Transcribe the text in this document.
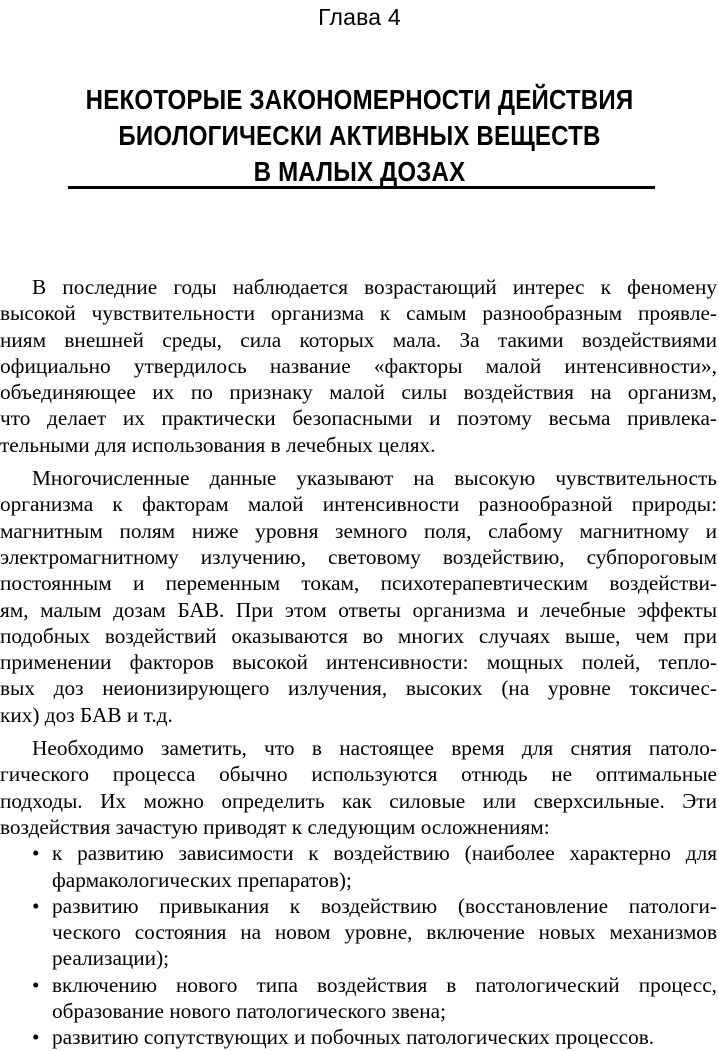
Глава 4
НЕКОТОРЫЕ ЗАКОНОМЕРНОСТИ ДЕЙСТВИЯ
БИОЛОГИЧЕСКИ АКТИВНЫХ ВЕЩЕСТВ
В МАЛЫХ ДОЗАХ
В последние годы наблюдается возрастающий интерес к феномену
высокой чувствительности организма к самым разнообразным проявле-
ниям внешней среды, сила которых мала. За такими воздействиями
официально утвердилось название «факторы малой интенсивности»,
объединяющее их по признаку малой силы воздействия на организм,
что делает их практически безопасными и поэтому весьма привлека-
тельными для использования в лечебных целях.
Многочисленные данные указывают на высокую чувствительность
организма к факторам малой интенсивности разнообразной природы:
магнитным полям ниже уровня земного поля, слабому магнитному и
электромагнитному излучению, световому воздействию, субпороговым
постоянным и переменным токам, психотерапевтическим воздействи-
ям, малым дозам БАВ. При этом ответы организма и лечебные эффекты
подобных воздействий оказываются во многих случаях выше, чем при
применении факторов высокой интенсивности: мощных полей, тепло-
вых доз неионизирующего излучения, высоких (на уровне токсичес-
ких) доз БАВ и т.д.
Необходимо заметить, что в настоящее время для снятия патоло-
гического процесса обычно используются отнюдь не оптимальные
подходы. Их можно определить как силовые или сверхсильные. Эти
воздействия зачастую приводят к следующим осложнениям:
• к развитию зависимости к воздействию (наиболее характерно для
фармакологических препаратов);
• развитию привыкания к воздействию (восстановление патологи-
ческого состояния на новом уровне, включение новых механизмов
реализации);
• включению нового типа воздействия в патологический процесс,
образование нового патологического звена;
• развитию сопутствующих и побочных патологических процессов.
